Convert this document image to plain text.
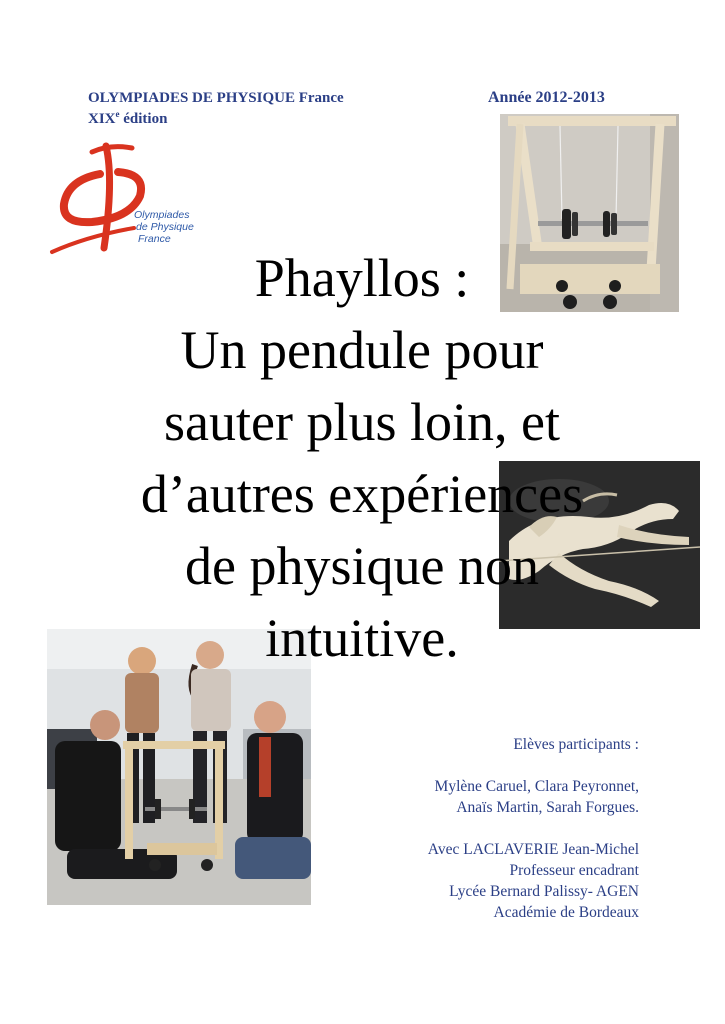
OLYMPIADES DE PHYSIQUE France
XIXe édition
Année 2012-2013
Olympiades
de Physique
France
Phayllos :
Un pendule pour
sauter plus loin, et
d’autres expériences
de physique non
intuitive.
Elèves participants :
Mylène Caruel, Clara Peyronnet,
Anaïs Martin, Sarah Forgues.
Avec LACLAVERIE Jean-Michel
Professeur encadrant
Lycée Bernard Palissy- AGEN
Académie de Bordeaux
